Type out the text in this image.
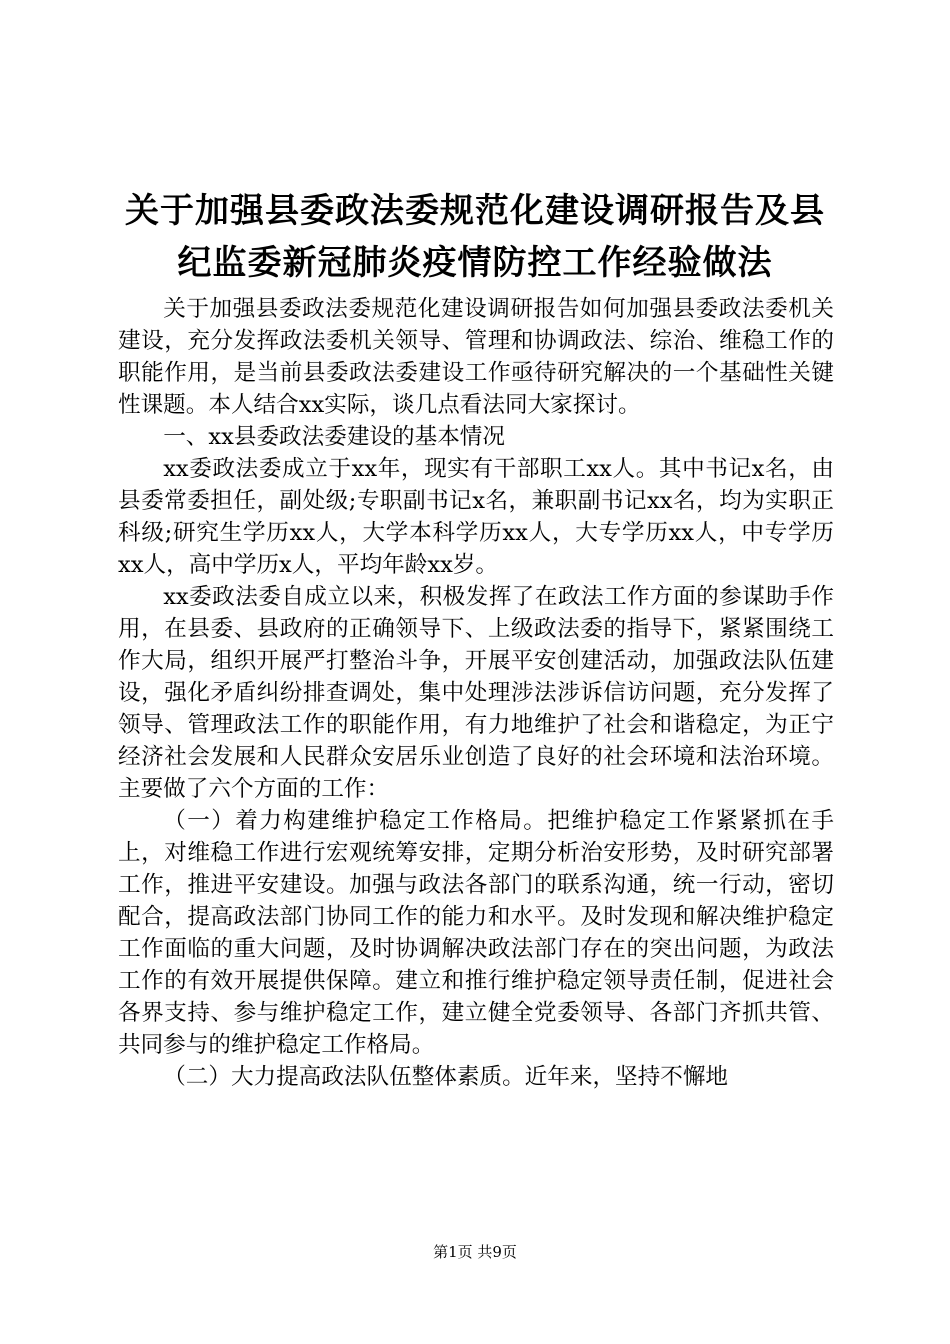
关于加强县委政法委规范化建设调研报告及县纪监委新冠肺炎疫情防控工作经验做法

关于加强县委政法委规范化建设调研报告如何加强县委政法委机关建设，充分发挥政法委机关领导、管理和协调政法、综治、维稳工作的职能作用，是当前县委政法委建设工作亟待研究解决的一个基础性关键性课题。本人结合xx实际，谈几点看法同大家探讨。

一、xx县委政法委建设的基本情况

xx委政法委成立于xx年，现实有干部职工xx人。其中书记x名，由县委常委担任，副处级;专职副书记x名，兼职副书记xx名，均为实职正科级;研究生学历xx人，大学本科学历xx人，大专学历xx人，中专学历xx人，高中学历x人，平均年龄xx岁。

xx委政法委自成立以来，积极发挥了在政法工作方面的参谋助手作用，在县委、县政府的正确领导下、上级政法委的指导下，紧紧围绕工作大局，组织开展严打整治斗争，开展平安创建活动，加强政法队伍建设，强化矛盾纠纷排查调处，集中处理涉法涉诉信访问题，充分发挥了领导、管理政法工作的职能作用，有力地维护了社会和谐稳定，为正宁经济社会发展和人民群众安居乐业创造了良好的社会环境和法治环境。主要做了六个方面的工作：

（一）着力构建维护稳定工作格局。把维护稳定工作紧紧抓在手上，对维稳工作进行宏观统筹安排，定期分析治安形势，及时研究部署工作，推进平安建设。加强与政法各部门的联系沟通，统一行动，密切配合，提高政法部门协同工作的能力和水平。及时发现和解决维护稳定工作面临的重大问题，及时协调解决政法部门存在的突出问题，为政法工作的有效开展提供保障。建立和推行维护稳定领导责任制，促进社会各界支持、参与维护稳定工作，建立健全党委领导、各部门齐抓共管、共同参与的维护稳定工作格局。

（二）大力提高政法队伍整体素质。近年来，坚持不懈地

第1页 共9页
